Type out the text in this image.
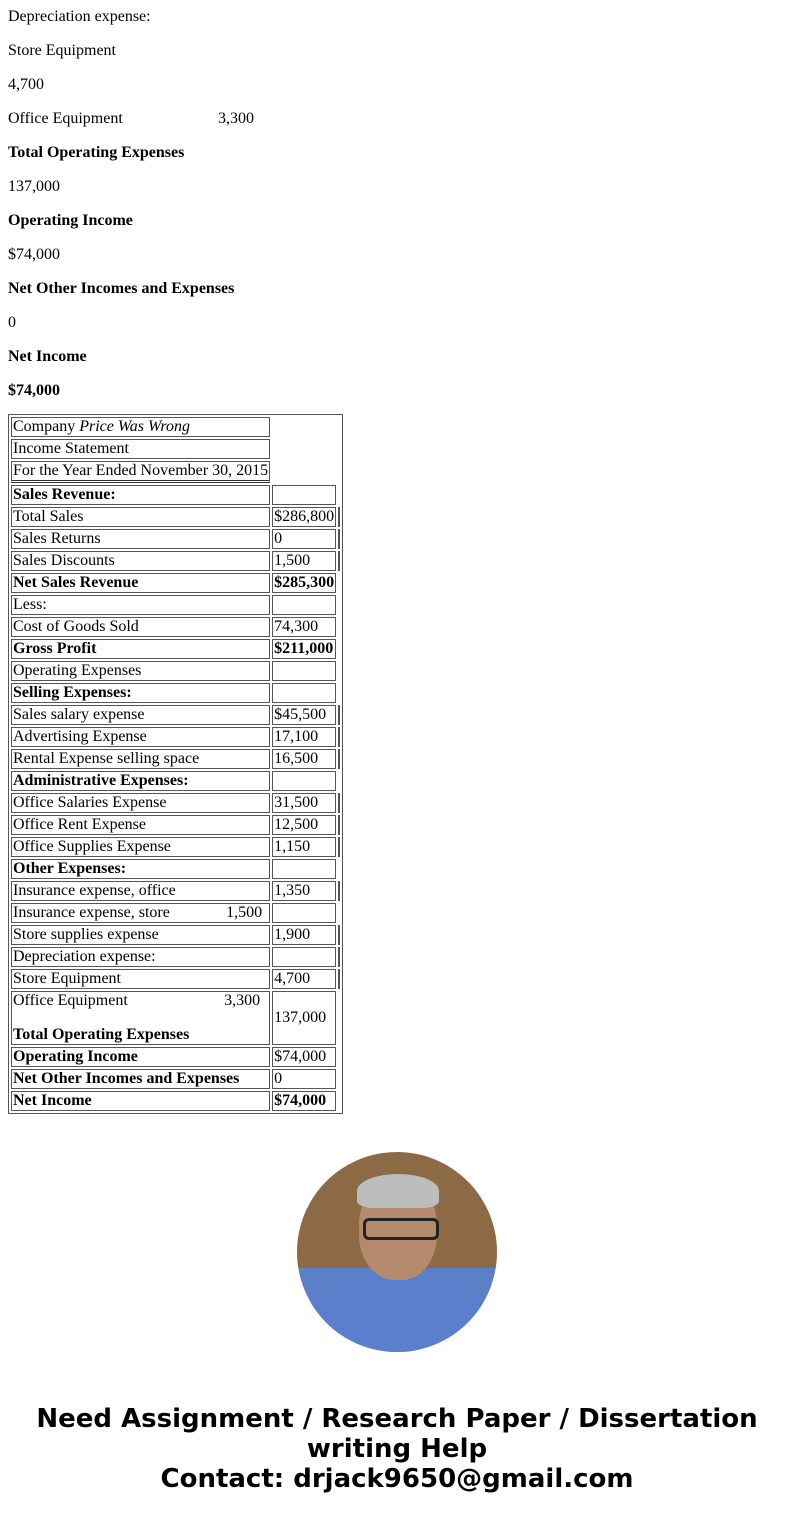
Depreciation expense:

Store Equipment

4,700

Office Equipment	3,300

Total Operating Expenses

137,000

Operating Income

$74,000

Net Other Incomes and Expenses

0

Net Income

$74,000

Company Price Was Wrong		
Income Statement		
For the Year Ended November 30, 2015		
Sales Revenue:		
Total Sales	$286,800	
Sales Returns	0	
Sales Discounts	1,500	
Net Sales Revenue	$285,300	
Less:		
Cost of Goods Sold	74,300	
Gross Profit	$211,000	
Operating Expenses		
Selling Expenses:		
Sales salary expense	$45,500	
Advertising Expense	17,100	
Rental Expense selling space	16,500	
Administrative Expenses:		
Office Salaries Expense	31,500	
Office Rent Expense	12,500	
Office Supplies Expense	1,150	
Other Expenses:		
Insurance expense, office	1,350	
Insurance expense, store 1,500		

Store supplies expense	1,900	
Depreciation expense:		
Store Equipment	4,700	

Office Equipment 3,300
Total Operating Expenses	137,000	
Operating Income	$74,000	
Net Other Incomes and Expenses	0	
Net Income	$74,000	
Need Assignment / Research Paper / Dissertation
writing Help
Contact: drjack9650@gmail.com
